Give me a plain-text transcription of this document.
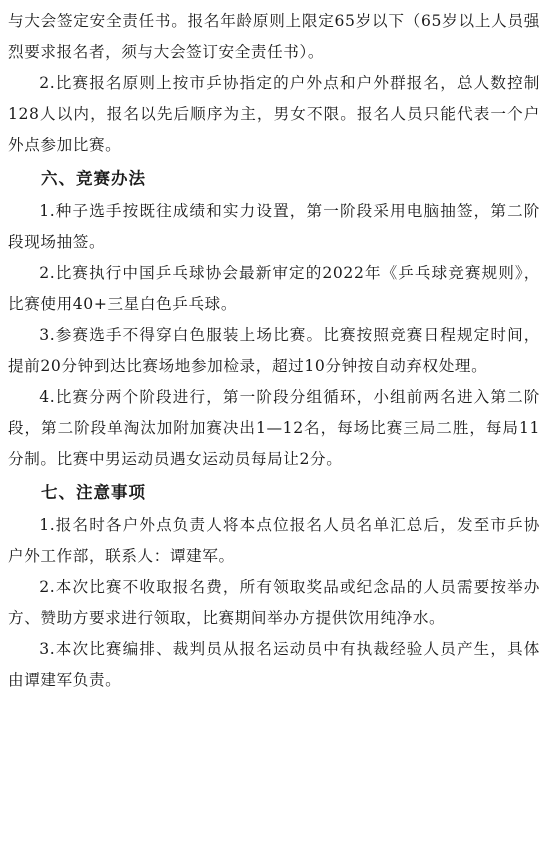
与大会签定安全责任书。报名年龄原则上限定65岁以下（65岁以上人员强烈要求报名者，须与大会签订安全责任书）。

2.比赛报名原则上按市乒协指定的户外点和户外群报名，总人数控制128人以内，报名以先后顺序为主，男女不限。报名人员只能代表一个户外点参加比赛。

六、竞赛办法

1.种子选手按既往成绩和实力设置，第一阶段采用电脑抽签，第二阶段现场抽签。

2.比赛执行中国乒乓球协会最新审定的2022年《乒乓球竞赛规则》，比赛使用40+三星白色乒乓球。

3.参赛选手不得穿白色服装上场比赛。比赛按照竞赛日程规定时间，提前20分钟到达比赛场地参加检录，超过10分钟按自动弃权处理。

4.比赛分两个阶段进行，第一阶段分组循环，小组前两名进入第二阶段，第二阶段单淘汰加附加赛决出1—12名，每场比赛三局二胜，每局11分制。比赛中男运动员遇女运动员每局让2分。

七、注意事项

1.报名时各户外点负责人将本点位报名人员名单汇总后，发至市乒协户外工作部，联系人：谭建军。

2.本次比赛不收取报名费，所有领取奖品或纪念品的人员需要按举办方、赞助方要求进行领取，比赛期间举办方提供饮用纯净水。

3.本次比赛编排、裁判员从报名运动员中有执裁经验人员产生，具体由谭建军负责。
